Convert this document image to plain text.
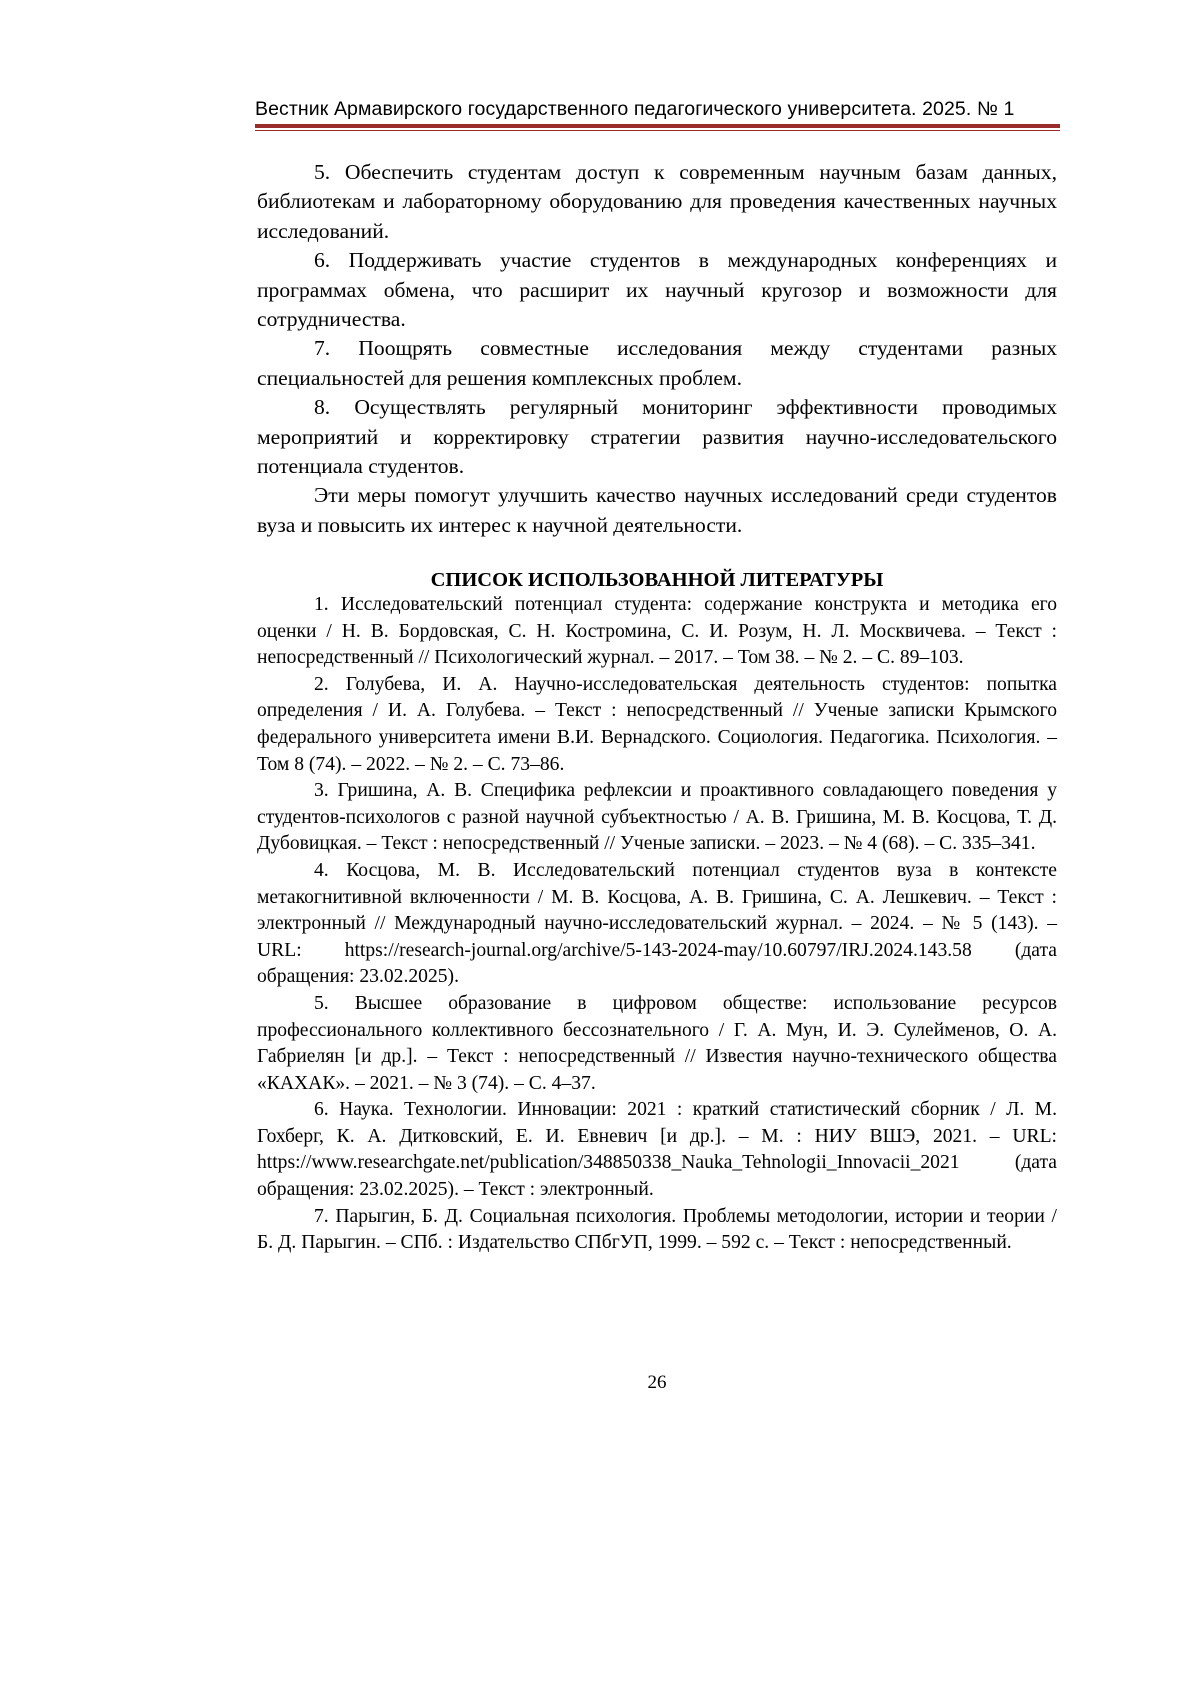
Вестник Армавирского государственного педагогического университета. 2025. № 1

5. Обеспечить студентам доступ к современным научным базам данных, библиотекам и лабораторному оборудованию для проведения качественных научных исследований.

6. Поддерживать участие студентов в международных конференциях и программах обмена, что расширит их научный кругозор и возможности для сотрудничества.

7. Поощрять совместные исследования между студентами разных специальностей для решения комплексных проблем.

8. Осуществлять регулярный мониторинг эффективности проводимых мероприятий и корректировку стратегии развития научно-исследовательского потенциала студентов.

Эти меры помогут улучшить качество научных исследований среди студентов вуза и повысить их интерес к научной деятельности.

СПИСОК ИСПОЛЬЗОВАННОЙ ЛИТЕРАТУРЫ
1. Исследовательский потенциал студента: содержание конструкта и методика его оценки / Н. В. Бордовская, С. Н. Костромина, С. И. Розум, Н. Л. Москвичева. – Текст : непосредственный // Психологический журнал. – 2017. – Том 38. – № 2. – С. 89–103.
2. Голубева, И. А. Научно-исследовательская деятельность студентов: попытка определения / И. А. Голубева. – Текст : непосредственный // Ученые записки Крымского федерального университета имени В.И. Вернадского. Социология. Педагогика. Психология. – Том 8 (74). – 2022. – № 2. – С. 73–86.
3. Гришина, А. В. Специфика рефлексии и проактивного совладающего поведения у студентов-психологов с разной научной субъектностью / А. В. Гришина, М. В. Косцова, Т. Д. Дубовицкая. – Текст : непосредственный // Ученые записки. – 2023. – № 4 (68). – С. 335–341.
4. Косцова, М. В. Исследовательский потенциал студентов вуза в контексте метакогнитивной включенности / М. В. Косцова, А. В. Гришина, С. А. Лешкевич. – Текст : электронный // Международный научно-исследовательский журнал. – 2024. – № 5 (143). – URL: https://research-journal.org/archive/5-143-2024-may/10.60797/IRJ.2024.143.58 (дата обращения: 23.02.2025).
5. Высшее образование в цифровом обществе: использование ресурсов профессионального коллективного бессознательного / Г. А. Мун, И. Э. Сулейменов, О. А. Габриелян [и др.]. – Текст : непосредственный // Известия научно-технического общества «КАХАК». – 2021. – № 3 (74). – С. 4–37.
6. Наука. Технологии. Инновации: 2021 : краткий статистический сборник / Л. М. Гохберг, К. А. Дитковский, Е. И. Евневич [и др.]. – М. : НИУ ВШЭ, 2021. – URL: https://www.researchgate.net/publication/348850338_Nauka_Tehnologii_Innovacii_2021 (дата обращения: 23.02.2025). – Текст : электронный.
7. Парыгин, Б. Д. Социальная психология. Проблемы методологии, истории и теории / Б. Д. Парыгин. – СПб. : Издательство СПбгУП, 1999. – 592 с. – Текст : непосредственный.
26
